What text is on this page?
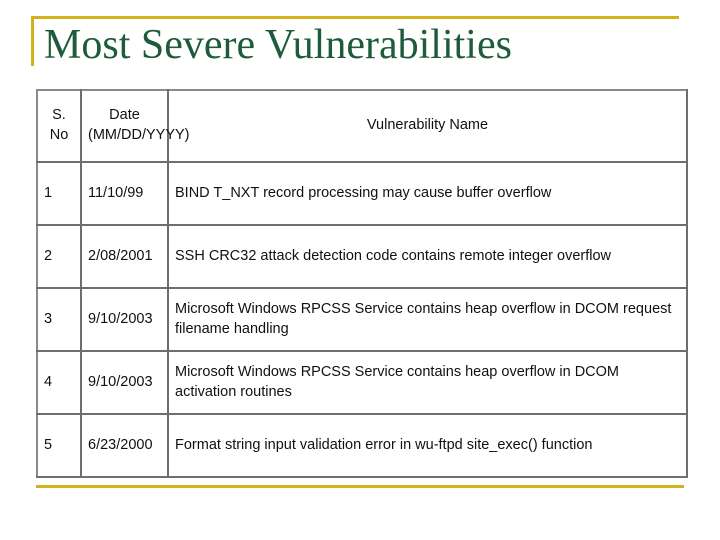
Most Severe Vulnerabilities
S. No	Date (MM/DD/YYYY)	Vulnerability Name
1	11/10/99	BIND T_NXT record processing may cause buffer overflow
2	2/08/2001	SSH CRC32 attack detection code contains remote integer overflow
3	9/10/2003	Microsoft Windows RPCSS Service contains heap overflow in DCOM request filename handling
4	9/10/2003	Microsoft Windows RPCSS Service contains heap overflow in DCOM activation routines
5	6/23/2000	Format string input validation error in wu-ftpd site_exec() function
